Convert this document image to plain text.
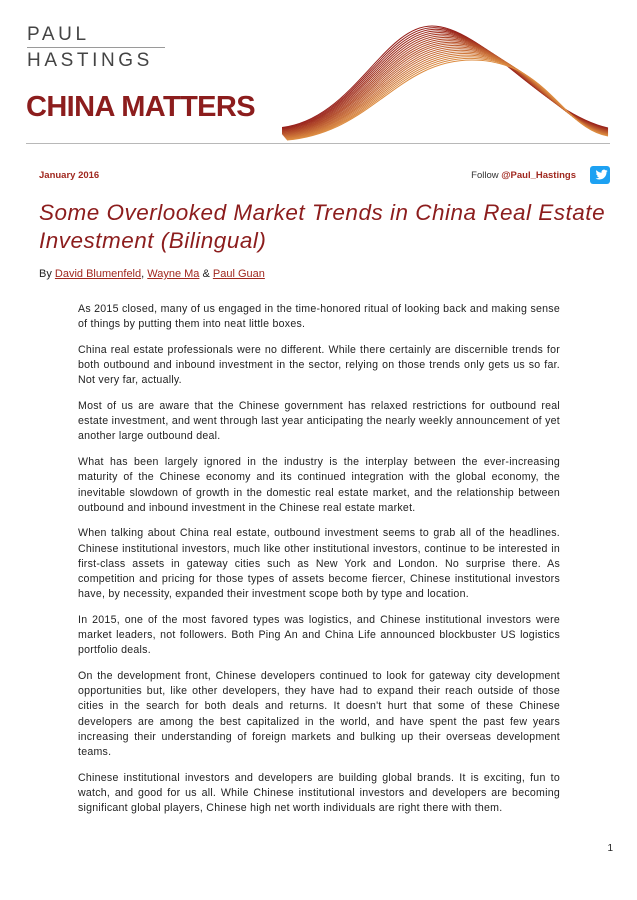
PAUL
HASTINGS
CHINA MATTERS
January 2016	Follow @Paul_Hastings
Some Overlooked Market Trends in China Real Estate Investment (Bilingual)
By David Blumenfeld, Wayne Ma & Paul Guan

As 2015 closed, many of us engaged in the time-honored ritual of looking back and making sense of things by putting them into neat little boxes.

China real estate professionals were no different. While there certainly are discernible trends for both outbound and inbound investment in the sector, relying on those trends only gets us so far. Not very far, actually.

Most of us are aware that the Chinese government has relaxed restrictions for outbound real estate investment, and went through last year anticipating the nearly weekly announcement of yet another large outbound deal.

What has been largely ignored in the industry is the interplay between the ever-increasing maturity of the Chinese economy and its continued integration with the global economy, the inevitable slowdown of growth in the domestic real estate market, and the relationship between outbound and inbound investment in the Chinese real estate market.

When talking about China real estate, outbound investment seems to grab all of the headlines. Chinese institutional investors, much like other institutional investors, continue to be interested in first-class assets in gateway cities such as New York and London. No surprise there. As competition and pricing for those types of assets become fiercer, Chinese institutional investors have, by necessity, expanded their investment scope both by type and location.

In 2015, one of the most favored types was logistics, and Chinese institutional investors were market leaders, not followers. Both Ping An and China Life announced blockbuster US logistics portfolio deals.

On the development front, Chinese developers continued to look for gateway city development opportunities but, like other developers, they have had to expand their reach outside of those cities in the search for both deals and returns. It doesn't hurt that some of these Chinese developers are among the best capitalized in the world, and have spent the past few years increasing their understanding of foreign markets and bulking up their overseas development teams.

Chinese institutional investors and developers are building global brands. It is exciting, fun to watch, and good for us all. While Chinese institutional investors and developers are becoming significant global players, Chinese high net worth individuals are right there with them.

1
